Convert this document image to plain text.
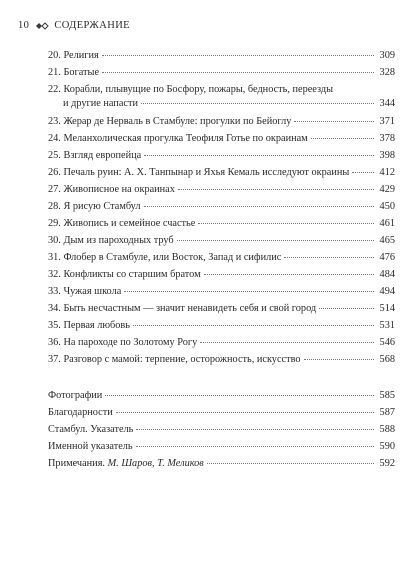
10 СОДЕРЖАНИЕ
20. Религия	309
21. Богатые	328
22. Корабли, плывущие по Босфору, пожары, бедность, переезды
и другие напасти	344
23. Жерар де Нерваль в Стамбуле: прогулки по Бейоглу	371
24. Меланхолическая прогулка Теофиля Готье по окраинам	378
25. Взгляд европейца	398
26. Печаль руин: А. Х. Танпынар и Яхья Кемаль исследуют окраины	412
27. Живописное на окраинах	429
28. Я рисую Стамбул	450
29. Живопись и семейное счастье	461
30. Дым из пароходных труб	465
31. Флобер в Стамбуле, или Восток, Запад и сифилис	476
32. Конфликты со старшим братом	484
33. Чужая школа	494
34. Быть несчастным — значит ненавидеть себя и свой город	514
35. Первая любовь	531
36. На пароходе по Золотому Рогу	546
37. Разговор с мамой: терпение, осторожность, искусство	568
Фотографии	585
Благодарности	587
Стамбул. Указатель	588
Именной указатель	590
Примечания. М. Шаров, Т. Меликов	592
